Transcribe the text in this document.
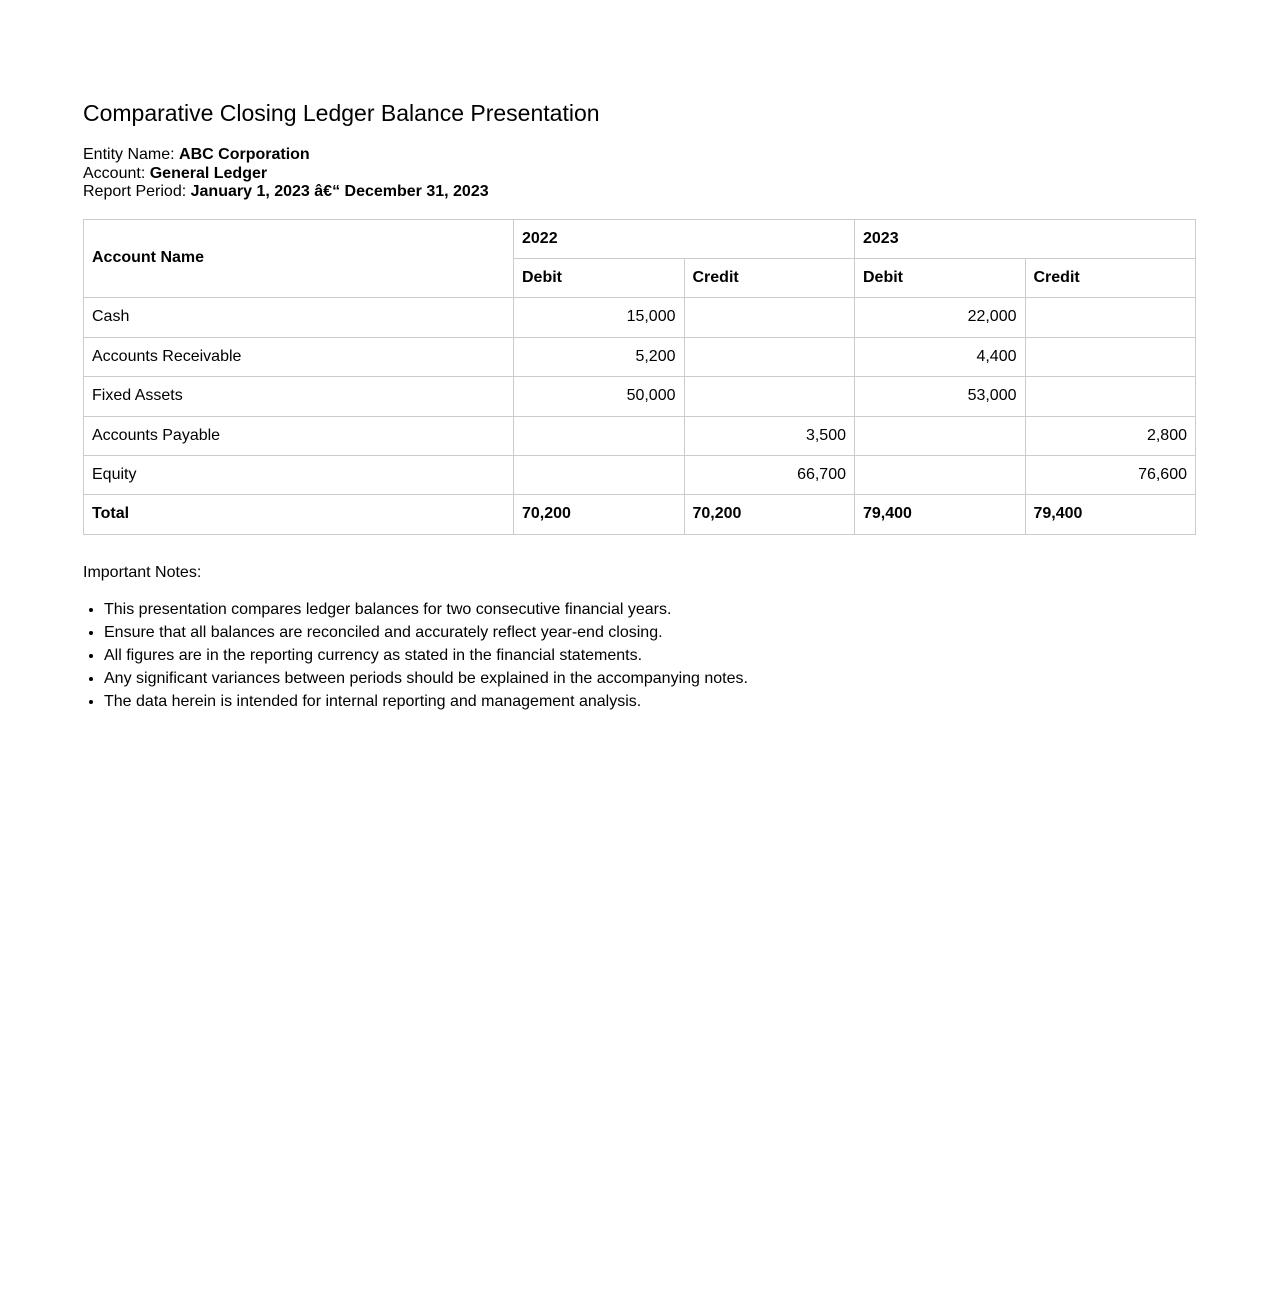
Comparative Closing Ledger Balance Presentation

Entity Name: ABC Corporation
Account: General Ledger
Report Period: January 1, 2023 â€“ December 31, 2023

Account Name	2022		2023	
	Debit	Credit	Debit	Credit
Cash	15,000		22,000	
Accounts Receivable	5,200		4,400	
Fixed Assets	50,000		53,000	
Accounts Payable		3,500		2,800
Equity		66,700		76,600
Total	70,200	70,200	79,400	79,400

Important Notes:

• This presentation compares ledger balances for two consecutive financial years.
• Ensure that all balances are reconciled and accurately reflect year-end closing.
• All figures are in the reporting currency as stated in the financial statements.
• Any significant variances between periods should be explained in the accompanying notes.
• The data herein is intended for internal reporting and management analysis.
